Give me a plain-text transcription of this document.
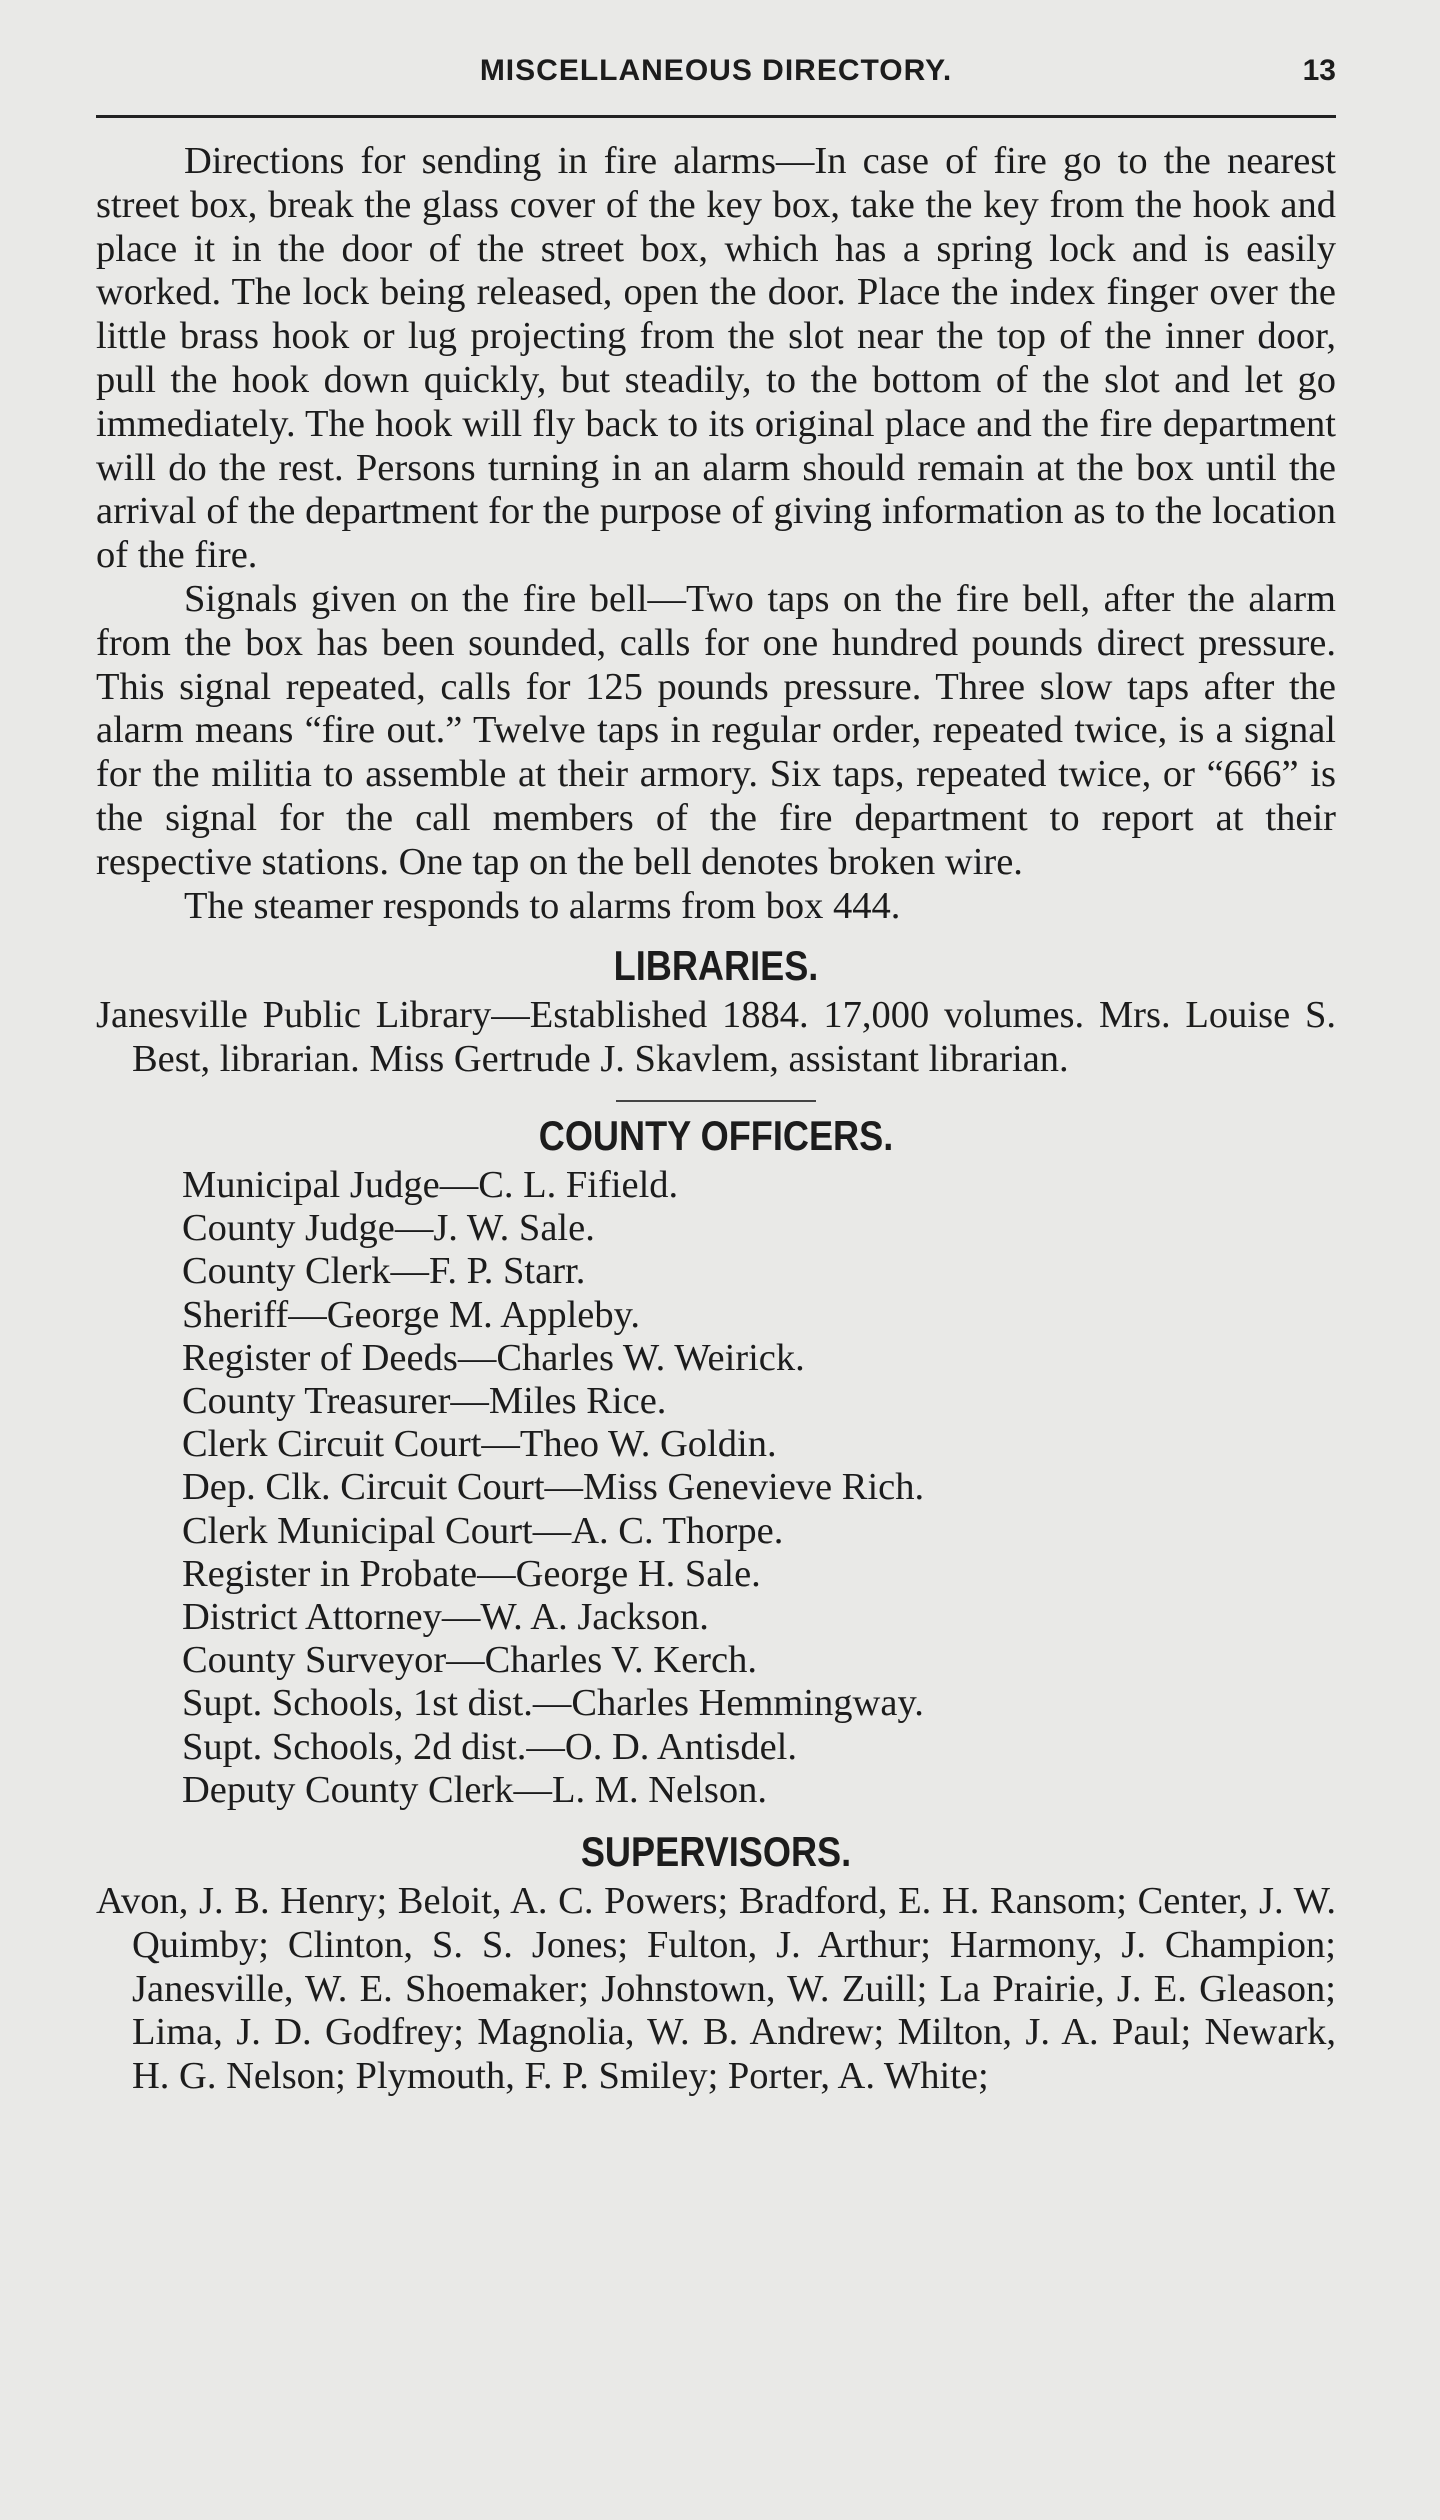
MISCELLANEOUS DIRECTORY.	13

Directions for sending in fire alarms—In case of fire go to the nearest street box, break the glass cover of the key box, take the key from the hook and place it in the door of the street box, which has a spring lock and is easily worked. The lock being released, open the door. Place the index finger over the little brass hook or lug projecting from the slot near the top of the inner door, pull the hook down quickly, but steadily, to the bottom of the slot and let go immediately. The hook will fly back to its original place and the fire department will do the rest. Persons turning in an alarm should remain at the box until the arrival of the department for the purpose of giving information as to the location of the fire.

Signals given on the fire bell—Two taps on the fire bell, after the alarm from the box has been sounded, calls for one hundred pounds direct pressure. This signal repeated, calls for 125 pounds pressure. Three slow taps after the alarm means “fire out.” Twelve taps in regular order, repeated twice, is a signal for the militia to assemble at their armory. Six taps, repeated twice, or “666” is the signal for the call members of the fire department to report at their respective stations. One tap on the bell denotes broken wire.

The steamer responds to alarms from box 444.

LIBRARIES.

Janesville Public Library—Established 1884. 17,000 volumes. Mrs. Louise S. Best, librarian. Miss Gertrude J. Skavlem, assistant librarian.

COUNTY OFFICERS.
Municipal Judge—C. L. Fifield.
County Judge—J. W. Sale.
County Clerk—F. P. Starr.
Sheriff—George M. Appleby.
Register of Deeds—Charles W. Weirick.
County Treasurer—Miles Rice.
Clerk Circuit Court—Theo W. Goldin.
Dep. Clk. Circuit Court—Miss Genevieve Rich.
Clerk Municipal Court—A. C. Thorpe.
Register in Probate—George H. Sale.
District Attorney—W. A. Jackson.
County Surveyor—Charles V. Kerch.
Supt. Schools, 1st dist.—Charles Hemmingway.
Supt. Schools, 2d dist.—O. D. Antisdel.
Deputy County Clerk—L. M. Nelson.
SUPERVISORS.

Avon, J. B. Henry; Beloit, A. C. Powers; Bradford, E. H. Ransom; Center, J. W. Quimby; Clinton, S. S. Jones; Fulton, J. Arthur; Harmony, J. Champion; Janesville, W. E. Shoemaker; Johnstown, W. Zuill; La Prairie, J. E. Gleason; Lima, J. D. Godfrey; Magnolia, W. B. Andrew; Milton, J. A. Paul; Newark, H. G. Nelson; Plymouth, F. P. Smiley; Porter, A. White;
